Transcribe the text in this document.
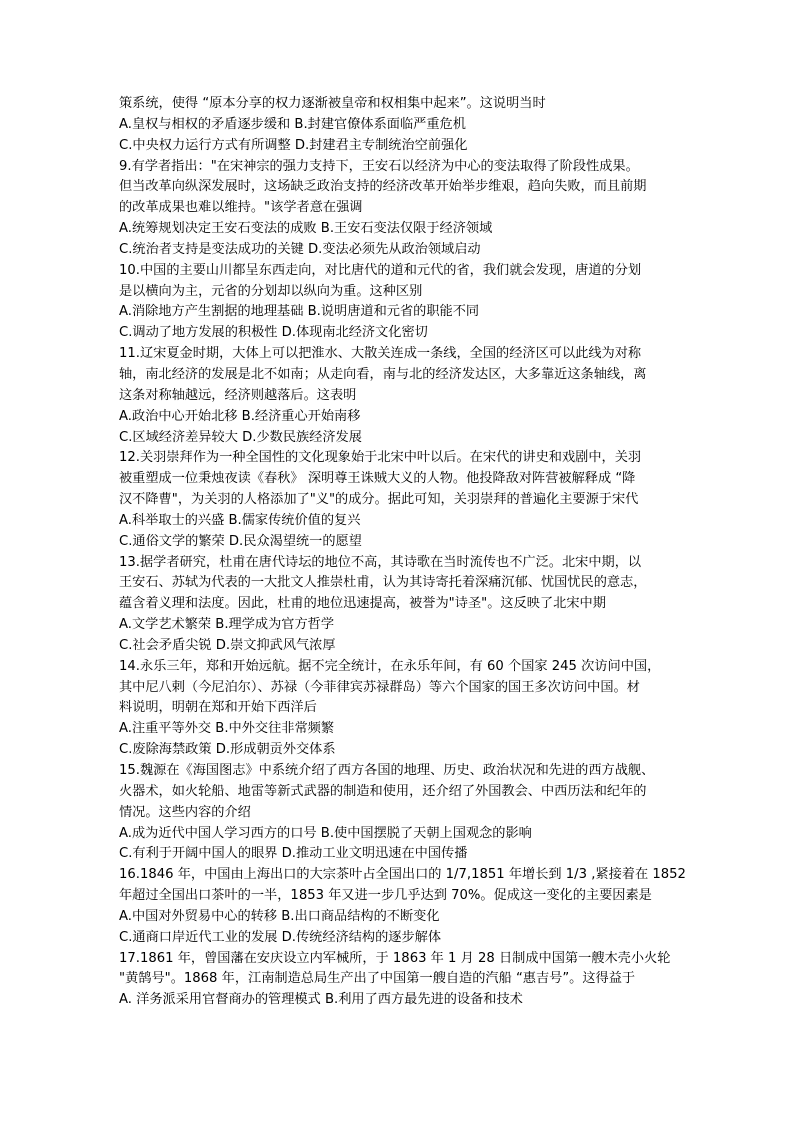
策系统，使得 “原本分享的权力逐渐被皇帝和权相集中起来”。这说明当时
A.皇权与相权的矛盾逐步缓和 B.封建官僚体系面临严重危机
C.中央权力运行方式有所调整 D.封建君主专制统治空前强化
9.有学者指出："在宋神宗的强力支持下，王安石以经济为中心的变法取得了阶段性成果。
但当改革向纵深发展时，这场缺乏政治支持的经济改革开始举步维艰，趋向失败，而且前期
的改革成果也难以维持。"该学者意在强调
A.统筹规划决定王安石变法的成败 B.王安石变法仅限于经济领域
C.统治者支持是变法成功的关键 D.变法必须先从政治领域启动
10.中国的主要山川都呈东西走向，对比唐代的道和元代的省，我们就会发现，唐道的分划
是以横向为主，元省的分划却以纵向为重。这种区别
A.消除地方产生割据的地理基础 B.说明唐道和元省的职能不同
C.调动了地方发展的积极性 D.体现南北经济文化密切
11.辽宋夏金时期，大体上可以把淮水、大散关连成一条线，全国的经济区可以此线为对称
轴，南北经济的发展是北不如南；从走向看，南与北的经济发达区，大多靠近这条轴线，离
这条对称轴越远，经济则越落后。这表明
A.政治中心开始北移 B.经济重心开始南移
C.区域经济差异较大 D.少数民族经济发展
12.关羽崇拜作为一种全国性的文化现象始于北宋中叶以后。在宋代的讲史和戏剧中，关羽
被重塑成一位秉烛夜读《春秋》 深明尊王诛贼大义的人物。他投降敌对阵营被解释成 “降
汉不降曹"，为关羽的人格添加了"义"的成分。据此可知，关羽崇拜的普遍化主要源于宋代
A.科举取士的兴盛 B.儒家传统价值的复兴
C.通俗文学的繁荣 D.民众渴望统一的愿望
13.据学者研究，杜甫在唐代诗坛的地位不高，其诗歌在当时流传也不广泛。北宋中期，以
王安石、苏轼为代表的一大批文人推崇杜甫，认为其诗寄托着深痛沉郁、忧国忧民的意志，
蕴含着义理和法度。因此，杜甫的地位迅速提高，被誉为"诗圣"。这反映了北宋中期
A.文学艺术繁荣 B.理学成为官方哲学
C.社会矛盾尖锐 D.崇文抑武风气浓厚
14.永乐三年，郑和开始远航。据不完全统计，在永乐年间，有 60 个国家 245 次访问中国，
其中尼八剌（今尼泊尔）、苏禄（今菲律宾苏禄群岛）等六个国家的国王多次访问中国。材
料说明，明朝在郑和开始下西洋后
A.注重平等外交 B.中外交往非常频繁
C.废除海禁政策 D.形成朝贡外交体系
15.魏源在《海国图志》中系统介绍了西方各国的地理、历史、政治状况和先进的西方战舰、
火器术，如火轮船、地雷等新式武器的制造和使用，还介绍了外国教会、中西历法和纪年的
情况。这些内容的介绍
A.成为近代中国人学习西方的口号 B.使中国摆脱了天朝上国观念的影响
C.有利于开阔中国人的眼界 D.推动工业文明迅速在中国传播
16.1846 年，中国由上海出口的大宗茶叶占全国出口的 1/7,1851 年增长到 1/3 ,紧接着在 1852
年超过全国出口茶叶的一半，1853 年又进一步几乎达到 70%。促成这一变化的主要因素是
A.中国对外贸易中心的转移 B.出口商品结构的不断变化
C.通商口岸近代工业的发展 D.传统经济结构的逐步解体
17.1861 年，曾国藩在安庆设立内军械所，于 1863 年 1 月 28 日制成中国第一艘木壳小火轮
"黄鹄号"。1868 年，江南制造总局生产出了中国第一艘自造的汽船 “惠吉号”。这得益于
A. 洋务派采用官督商办的管理模式 B.利用了西方最先进的设备和技术
